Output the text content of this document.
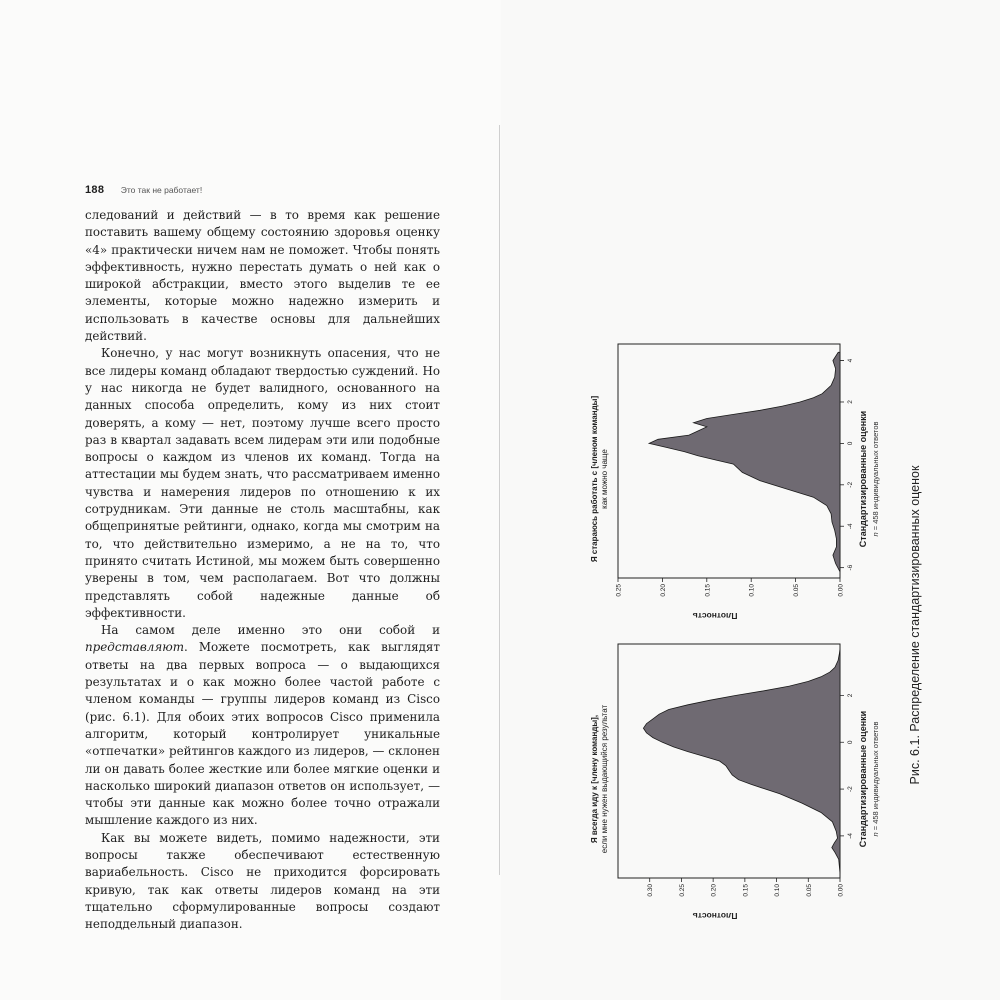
188 Это так не работает!

следований и действий — в то время как решение поставить вашему общему состоянию здоровья оценку «4» практически ничем нам не поможет. Чтобы понять эффективность, нужно перестать думать о ней как о широкой абстракции, вместо этого выделив те ее элементы, которые можно надежно измерить и использовать в качестве основы для дальнейших действий.

Конечно, у нас могут возникнуть опасения, что не все лидеры команд обладают твердостью суждений. Но у нас никогда не будет валидного, основанного на данных способа определить, кому из них стоит доверять, а кому — нет, поэтому лучше всего просто раз в квартал задавать всем лидерам эти или подобные вопросы о каждом из членов их команд. Тогда на аттестации мы будем знать, что рассматриваем именно чувства и намерения лидеров по отношению к их сотрудникам. Эти данные не столь масштабны, как общепринятые рейтинги, однако, когда мы смотрим на то, что действительно измеримо, а не на то, что принято считать Истиной, мы можем быть совершенно уверены в том, чем располагаем. Вот что должны представлять собой надежные данные об эффективности.

На самом деле именно это они собой и представляют. Можете посмотреть, как выглядят ответы на два первых вопроса — о выдающихся результатах и о как можно более частой работе с членом команды — группы лидеров команд из Cisco (рис. 6.1). Для обоих этих вопросов Cisco применила алгоритм, который контролирует уникальные «отпечатки» рейтингов каждого из лидеров, — склонен ли он давать более жесткие или более мягкие оценки и насколько широкий диапазон ответов он использует, — чтобы эти данные как можно более точно отражали мышление каждого из них.

Как вы можете видеть, помимо надежности, эти вопросы также обеспечивают естественную вариабельность. Cisco не приходится форсировать кривую, так как ответы лидеров команд на эти тщательно сформулированные вопросы создают неподдельный диапазон.

Я всегда иду к [члену команды], если мне нужен выдающийся результат
0.00
0.05
0.10
0.15
0.20
0.25
0.30
-4
-2
0
2
Плотность
Стандартизированные оценки n = 458 индивидуальных ответов
Я стараюсь работать с [членом команды] как можно чаще
0.00
0.05
0.10
0.15
0.20
0.25
-6
-4
-2
0
2
4
Плотность
Стандартизированные оценки n = 458 индивидуальных ответов Рис. 6.1. Распределение стандартизированных оценок
